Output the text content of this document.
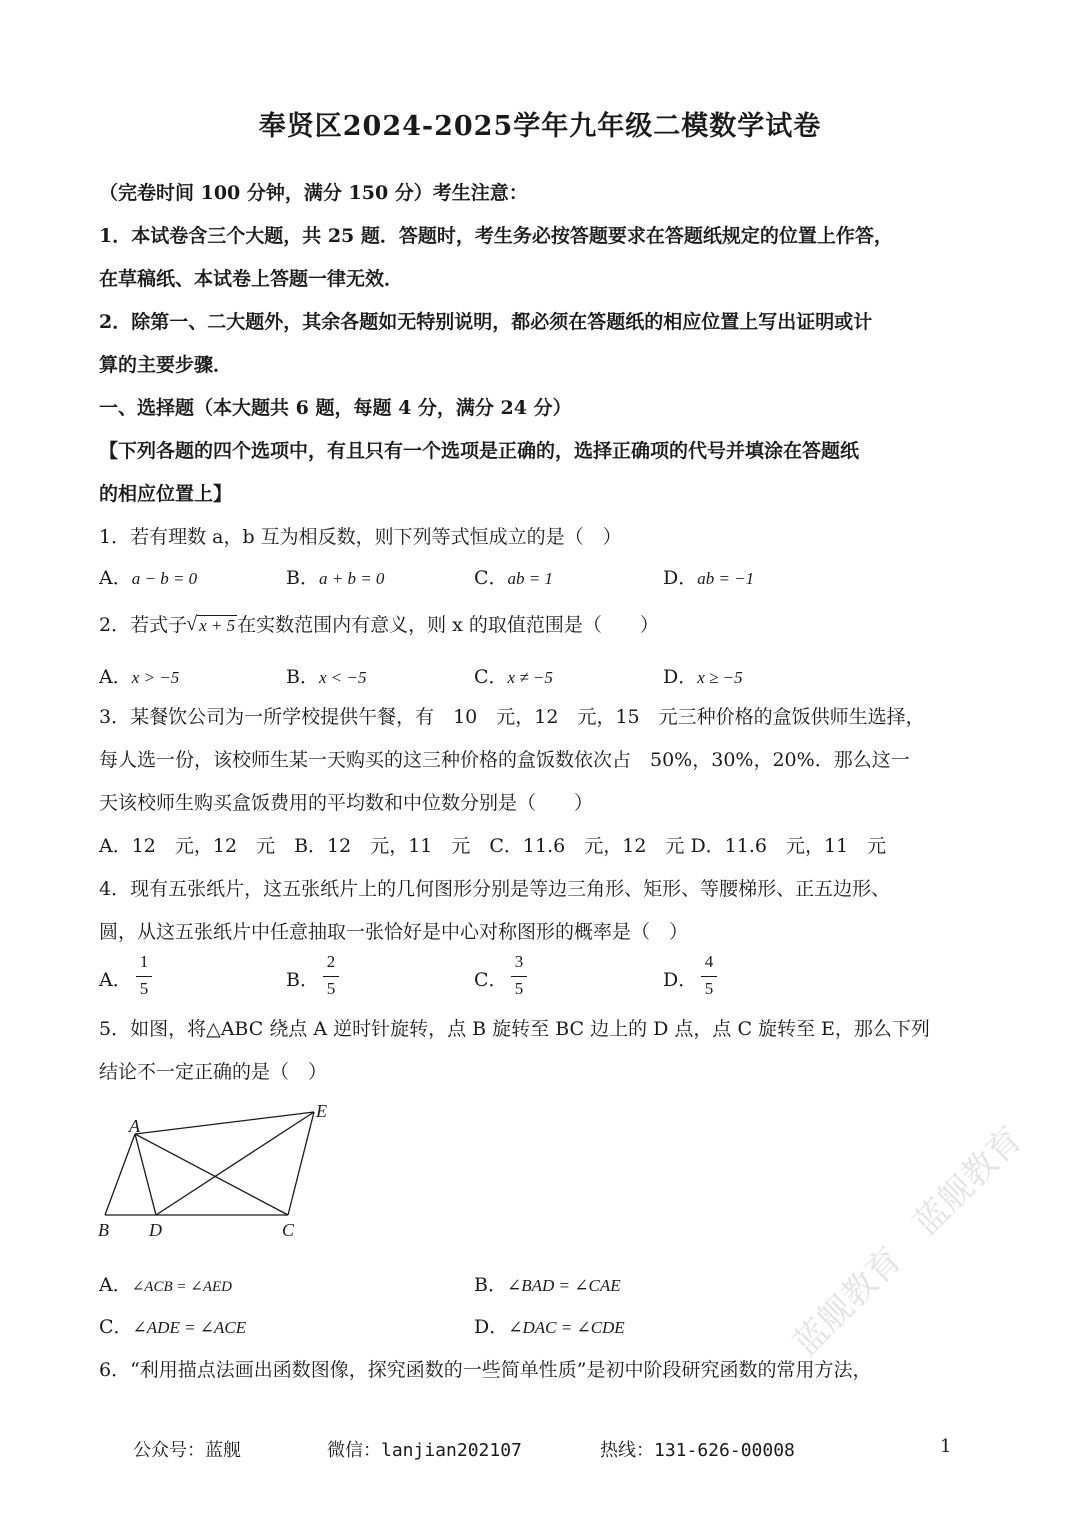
奉贤区2024-2025学年九年级二模数学试卷
（完卷时间 100 分钟，满分 150 分）考生注意：
1．本试卷含三个大题，共 25 题．答题时，考生务必按答题要求在答题纸规定的位置上作答，
在草稿纸、本试卷上答题一律无效．
2．除第一、二大题外，其余各题如无特别说明，都必须在答题纸的相应位置上写出证明或计
算的主要步骤．
一、选择题（本大题共 6 题，每题 4 分，满分 24 分）
【下列各题的四个选项中，有且只有一个选项是正确的，选择正确项的代号并填涂在答题纸
的相应位置上】
1．若有理数 a，b 互为相反数，则下列等式恒成立的是（　）
A．a − b = 0	B．a + b = 0	C．ab = 1	D．ab = −1
2．若式子 √ x + 5 在实数范围内有意义，则 x 的取值范围是（　　）
A．x > −5	B．x < −5	C．x ≠ −5	D．x ≥ −5
3．某餐饮公司为一所学校提供午餐，有　10　元，12　元，15　元三种价格的盒饭供师生选择，
每人选一份，该校师生某一天购买的这三种价格的盒饭数依次占　50%，30%，20%．那么这一
天该校师生购买盒饭费用的平均数和中位数分别是（　　）
A．12　元，12　元　B．12　元，11　元　C．11.6　元，12　元 D．11.6　元，11　元
4．现有五张纸片，这五张纸片上的几何图形分别是等边三角形、矩形、等腰梯形、正五边形、
圆，从这五张纸片中任意抽取一张恰好是中心对称图形的概率是（　）
A．
1
5	B．
2
5	C．
3
5	D．
4
5
5．如图，将△ABC 绕点 A 逆时针旋转，点 B 旋转至 BC 边上的 D 点，点 C 旋转至 E，那么下列
结论不一定正确的是（　）
A
B D	C
E
A．∠ACB = ∠AED	B．∠BAD = ∠CAE
C．∠ADE = ∠ACE	D．∠DAC = ∠CDE
6．“利用描点法画出函数图像，探究函数的一些简单性质”是初中阶段研究函数的常用方法，
蓝舰教育　蓝舰教育
公众号：蓝舰	微信：lanjian202107	热线：131-626-00008	1
